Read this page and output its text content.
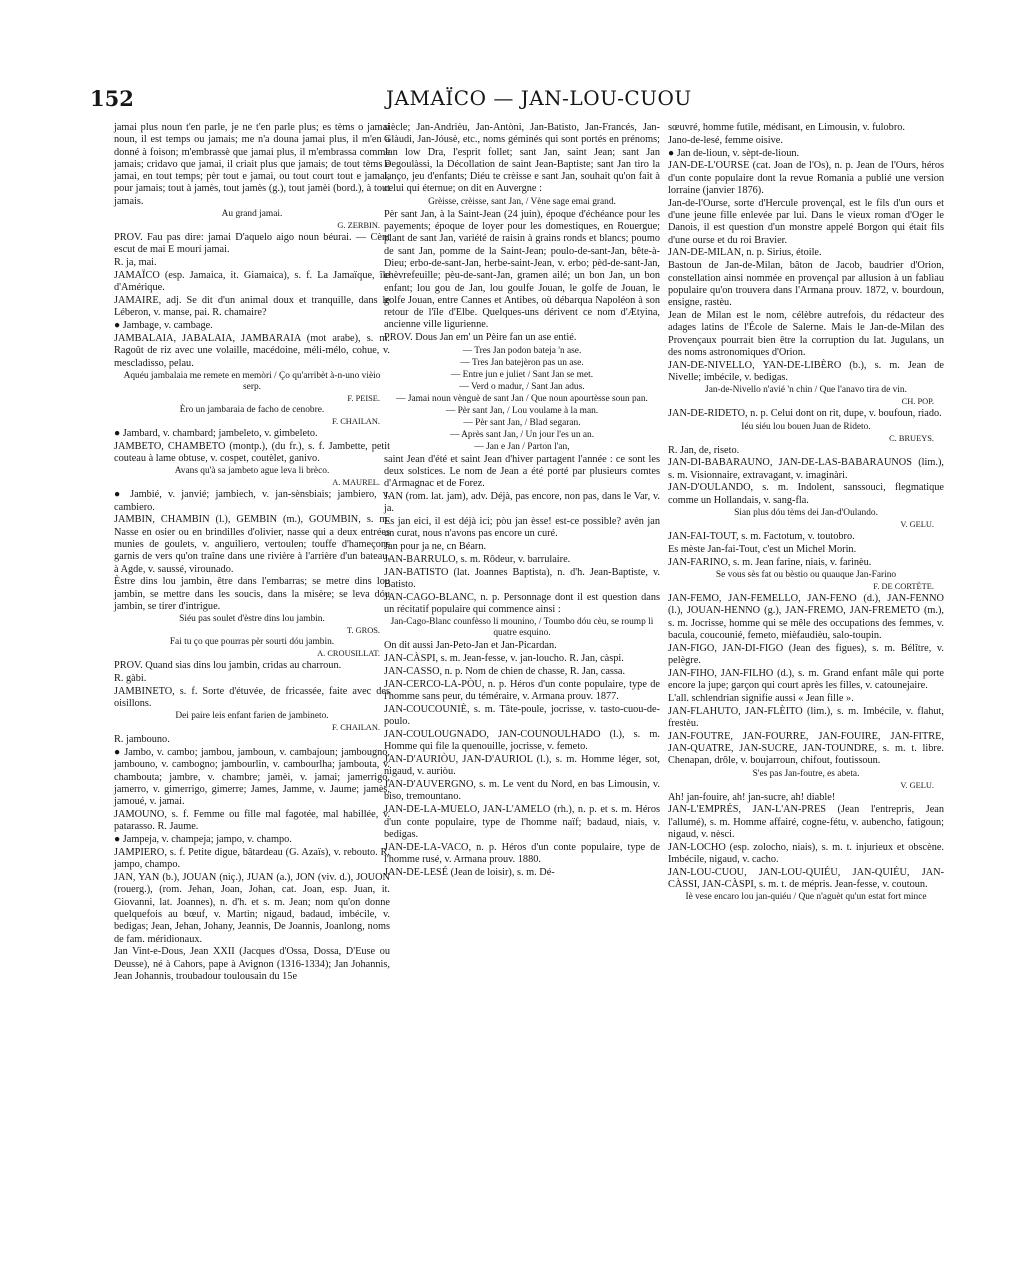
152	JAMAÏCO — JAN-LOU-CUOU

jamai plus noun t'en parle, je ne t'en parle plus; es tèms o jamai noun, il est temps ou jamais; me n'a douna jamai plus, il m'en a donné à foison; m'embrassè que jamai plus, il m'embrassa comme jamais; cridavo que jamai, il criait plus que jamais; de tout tèms e jamai, en tout temps; pèr tout e jamai, ou tout court tout e jamai, pour jamais; tout à jamès, tout jamès (g.), tout jamèi (bord.), à tout jamais.

Au grand jamai.

G. ZERBIN.

PROV. Fau pas dire: jamai D'aquelo aigo noun béurai. — Cènt escut de mai E mourí jamai.

R. ja, mai.

JAMAÏCO (esp. Jamaica, it. Giamaica), s. f. La Jamaïque, île d'Amérique.

JAMAIRE, adj. Se dit d'un animal doux et tranquille, dans le Léberon, v. manse, pai. R. chamaire?

● Jambage, v. cambage.

JAMBALAIA, JABALAIA, JAMBARAIA (mot arabe), s. m. Ragoût de riz avec une volaille, macédoine, méli-mélo, cohue, v. mescladisso, pelau.

Aquéu jambalaia me remete en memòri / Ço qu'arribèt à-n-uno vièio serp.

F. PEISE.

Èro un jambaraia de facho de cenobre.

F. CHAILAN.

● Jambard, v. chambard; jambeleto, v. gimbeleto.

JAMBETO, CHAMBETO (montp.), (du fr.), s. f. Jambette, petit couteau à lame obtuse, v. cospet, coutèlet, ganivo.

Avans qu'à sa jambeto ague leva li brèco.

A. MAUREL.

● Jambié, v. janvié; jambiech, v. jan-sènsbiais; jambiero, v. cambiero.

JAMBIN, CHAMBIN (l.), GEMBIN (m.), GOUMBIN, s. m. Nasse en osier ou en brindilles d'olivier, nasse qui a deux entrées munies de goulets, v. anguiliero, vertoulen; touffe d'hameçons garnis de vers qu'on traîne dans une rivière à l'arrière d'un bateau, à Agde, v. saussé, virounado.

Èstre dins lou jambin, être dans l'embarras; se metre dins lou jambin, se mettre dans les soucis, dans la misère; se leva dóu jambin, se tirer d'intrigue.

Siéu pas soulet d'èstre dins lou jambin.

T. GROS.

Fai tu ço que pourras pèr sourti dóu jambin.

A. CROUSILLAT.

PROV. Quand sias dins lou jambin, cridas au charroun.

R. gàbi.

JAMBINETO, s. f. Sorte d'étuvée, de fricassée, faite avec des oisillons.

Dei paire leis enfant farien de jambineto.

F. CHAILAN.

R. jambouno.

● Jambo, v. cambo; jambou, jamboun, v. cambajoun; jambougno, jambouno, v. cambogno; jambourlin, v. cambourlha; jambouta, v. chambouta; jambre, v. chambre; jamèi, v. jamai; jamerrigo, jamerro, v. gimerrigo, gimerre; James, Jamme, v. Jaume; jamès, jamoué, v. jamai.

JAMOUNO, s. f. Femme ou fille mal fagotée, mal habillée, v. patarasso. R. Jaume.

● Jampeja, v. champeja; jampo, v. champo.

JAMPIERO, s. f. Petite digue, bâtardeau (G. Azaïs), v. rebouto. R. jampo, champo.

JAN, YAN (b.), JOUAN (niç.), JUAN (a.), JON (viv. d.), JOUON (rouerg.), (rom. Jehan, Joan, Johan, cat. Joan, esp. Juan, it. Giovanni, lat. Joannes), n. d'h. et s. m. Jean; nom qu'on donne quelquefois au bœuf, v. Martin; nigaud, badaud, imbécile, v. bedigas; Jean, Jehan, Johany, Jeannis, De Joannis, Joanlong, noms de fam. méridionaux.

Jan Vint-e-Dous, Jean XXII (Jacques d'Ossa, Dossa, D'Euse ou Deusse), né à Cahors, pape à Avignon (1316-1334); Jan Johannis, Jean Johannis, troubadour toulousain du 15e

siècle; Jan-Andrièu, Jan-Antòni, Jan-Batisto, Jan-Francés, Jan-Glàudi, Jan-Jóusè, etc., noms géminés qui sont portés en prénoms; Jan low Dra, l'esprit follet; sant Jan, saint Jean; sant Jan Degoulàssi, la Décollation de saint Jean-Baptiste; sant Jan tiro la lanço, jeu d'enfants; Diéu te crèisse e sant Jan, souhait qu'on fait à celui qui éternue; on dit en Auvergne :

Grèisse, crèisse, sant Jan, / Vène sage emai grand.

Pèr sant Jan, à la Saint-Jean (24 juin), époque d'échéance pour les payements; époque de loyer pour les domestiques, en Rouergue; plant de sant Jan, variété de raisin à grains ronds et blancs; poumo de sant Jan, pomme de la Saint-Jean; poulo-de-sant-Jan, bête-à-Dieu; erbo-de-sant-Jan, herbe-saint-Jean, v. erbo; pèd-de-sant-Jan, chèvrefeuille; pèu-de-sant-Jan, gramen ailé; un bon Jan, un bon enfant; lou gou de Jan, lou goulfe Jouan, le golfe de Jouan, le golfe Jouan, entre Cannes et Antibes, où débarqua Napoléon à son retour de l'île d'Elbe. Quelques-uns dérivent ce nom d'Ætyina, ancienne ville ligurienne.

PROV. Dous Jan em' un Pèire fan un ase entié.

— Tres Jan podon bateja 'n ase.

— Tres Jan batejèron pas un ase.

— Entre jun e juliet / Sant Jan se met.

— Verd o madur, / Sant Jan adus.

— Jamai noun vènguè de sant Jan / Que noun apourtèsse soun pan.

— Pèr sant Jan, / Lou voulame à la man.

— Pèr sant Jan, / Blad segaran.

— Après sant Jan, / Un jour l'es un an.

— Jan e Jan / Parton l'an,

saint Jean d'été et saint Jean d'hiver partagent l'année : ce sont les deux solstices. Le nom de Jean a été porté par plusieurs comtes d'Armagnac et de Forez.

JAN (rom. lat. jam), adv. Déjà, pas encore, non pas, dans le Var, v. ja.

Es jan eici, il est déjà ici; pòu jan èsse! est-ce possible? avèn jan un curat, nous n'avons pas encore un curé.

Jan pour ja ne, cn Béarn.

JAN-BARRULO, s. m. Rôdeur, v. barrulaire.

JAN-BATISTO (lat. Joannes Baptista), n. d'h. Jean-Baptiste, v. Batisto.

JAN-CAGO-BLANC, n. p. Personnage dont il est question dans un récitatif populaire qui commence ainsi :

Jan-Cago-Blanc counfèsso li mounino, / Toumbo dóu cèu, se roump li quatre esquino.

On dit aussi Jan-Peto-Jan et Jan-Picardan.

JAN-CÀSPI, s. m. Jean-fesse, v. jan-loucho. R. Jan, càspi.

JAN-CASSO, n. p. Nom de chien de chasse, R. Jan, cassa.

JAN-CERCO-LA-PÒU, n. p. Héros d'un conte populaire, type de l'homme sans peur, du téméraire, v. Armana prouv. 1877.

JAN-COUCOUNIÈ, s. m. Tâte-poule, jocrisse, v. tasto-cuou-de-poulo.

JAN-COULOUGNADO, JAN-COUNOULHADO (l.), s. m. Homme qui file la quenouille, jocrisse, v. femeto.

JAN-D'AURIÒU, JAN-D'AURIOL (l.), s. m. Homme léger, sot, nigaud, v. auriòu.

JAN-D'AUVERGNO, s. m. Le vent du Nord, en bas Limousin, v. biso, tremountano.

JAN-DE-LA-MUELO, JAN-L'AMELO (rh.), n. p. et s. m. Héros d'un conte populaire, type de l'homme naïf; badaud, niais, v. bedigas.

JAN-DE-LA-VACO, n. p. Héros d'un conte populaire, type de l'homme rusé, v. Armana prouv. 1880.

JAN-DE-LESÉ (Jean de loisir), s. m. Dé-

sœuvré, homme futile, médisant, en Limousin, v. fulobro.

Jano-de-lesé, femme oisive.

● Jan de-lioun, v. sèpt-de-lioun.

JAN-DE-L'OURSE (cat. Joan de l'Os), n. p. Jean de l'Ours, héros d'un conte populaire dont la revue Romania a publié une version lorraine (janvier 1876).

Jan-de-l'Ourse, sorte d'Hercule provençal, est le fils d'un ours et d'une jeune fille enlevée par lui. Dans le vieux roman d'Oger le Danois, il est question d'un monstre appelé Borgon qui était fils d'une ourse et du roi Bravier.

JAN-DE-MILAN, n. p. Sirius, étoile.

Bastoun de Jan-de-Milan, bâton de Jacob, baudrier d'Orion, constellation ainsi nommée en provençal par allusion à un fabliau populaire qu'on trouvera dans l'Armana prouv. 1872, v. bourdoun, ensigne, rastèu.

Jean de Milan est le nom, célèbre autrefois, du rédacteur des adages latins de l'École de Salerne. Mais le Jan-de-Milan des Provençaux pourrait bien être la corruption du lat. Jugulans, un des noms astronomiques d'Orion.

JAN-DE-NIVELLO, YAN-DE-LIBÈRO (b.), s. m. Jean de Nivelle; imbécile, v. bedigas.

Jan-de-Nivello n'avié 'n chin / Que l'anavo tira de vin.

CH. POP.

JAN-DE-RIDETO, n. p. Celui dont on rit, dupe, v. boufoun, riado.

Iéu siéu lou bouen Juan de Rideto.

C. BRUEYS.

R. Jan, de, riseto.

JAN-DI-BABARAUNO, JAN-DE-LAS-BABARAUNOS (lim.), s. m. Visionnaire, extravagant, v. imaginàri.

JAN-D'OULANDO, s. m. Indolent, sanssouci, flegmatique comme un Hollandais, v. sang-fla.

Sian plus dóu tèms dei Jan-d'Oulando.

V. GELU.

JAN-FAI-TOUT, s. m. Factotum, v. toutobro.

Es mèste Jan-fai-Tout, c'est un Michel Morin.

JAN-FARINO, s. m. Jean farine, niais, v. farinèu.

Se vous sès fat ou bèstio ou quauque Jan-Farino

F. DE CORTÈTE.

JAN-FEMO, JAN-FEMELLO, JAN-FENO (d.), JAN-FENNO (l.), JOUAN-HENNO (g.), JAN-FREMO, JAN-FREMETO (m.), s. m. Jocrisse, homme qui se mêle des occupations des femmes, v. bacula, coucounié, femeto, mièfaudièu, salo-toupin.

JAN-FIGO, JAN-DI-FIGO (Jean des figues), s. m. Bélître, v. pelègre.

JAN-FIHO, JAN-FILHO (d.), s. m. Grand enfant mâle qui porte encore la jupe; garçon qui court après les filles, v. catounejaire.

L'all. schlendrian signifie aussi « Jean fille ».

JAN-FLAHUTO, JAN-FLÈITO (lim.), s. m. Imbécile, v. flahut, frestèu.

JAN-FOUTRE, JAN-FOURRE, JAN-FOUIRE, JAN-FITRE, JAN-QUATRE, JAN-SUCRE, JAN-TOUNDRE, s. m. t. libre. Chenapan, drôle, v. boujarroun, chifout, foutissoun.

S'es pas Jan-foutre, es abeta.

V. GELU.

Ah! jan-fouire, ah! jan-sucre, ah! diable!

JAN-L'EMPRÉS, JAN-L'AN-PRES (Jean l'entrepris, Jean l'allumé), s. m. Homme affairé, cogne-fétu, v. aubencho, fatigoun; nigaud, v. nèsci.

JAN-LOCHO (esp. zolocho, niais), s. m. t. injurieux et obscène. Imbécile, nigaud, v. cacho.

JAN-LOU-CUOU, JAN-LOU-QUIÉU, JAN-QUIÉU, JAN-CÀSSI, JAN-CÀSPI, s. m. t. de mépris. Jean-fesse, v. coutoun.

Iè vese encaro lou jan-quiéu / Que n'aguèt qu'un estat fort mince
